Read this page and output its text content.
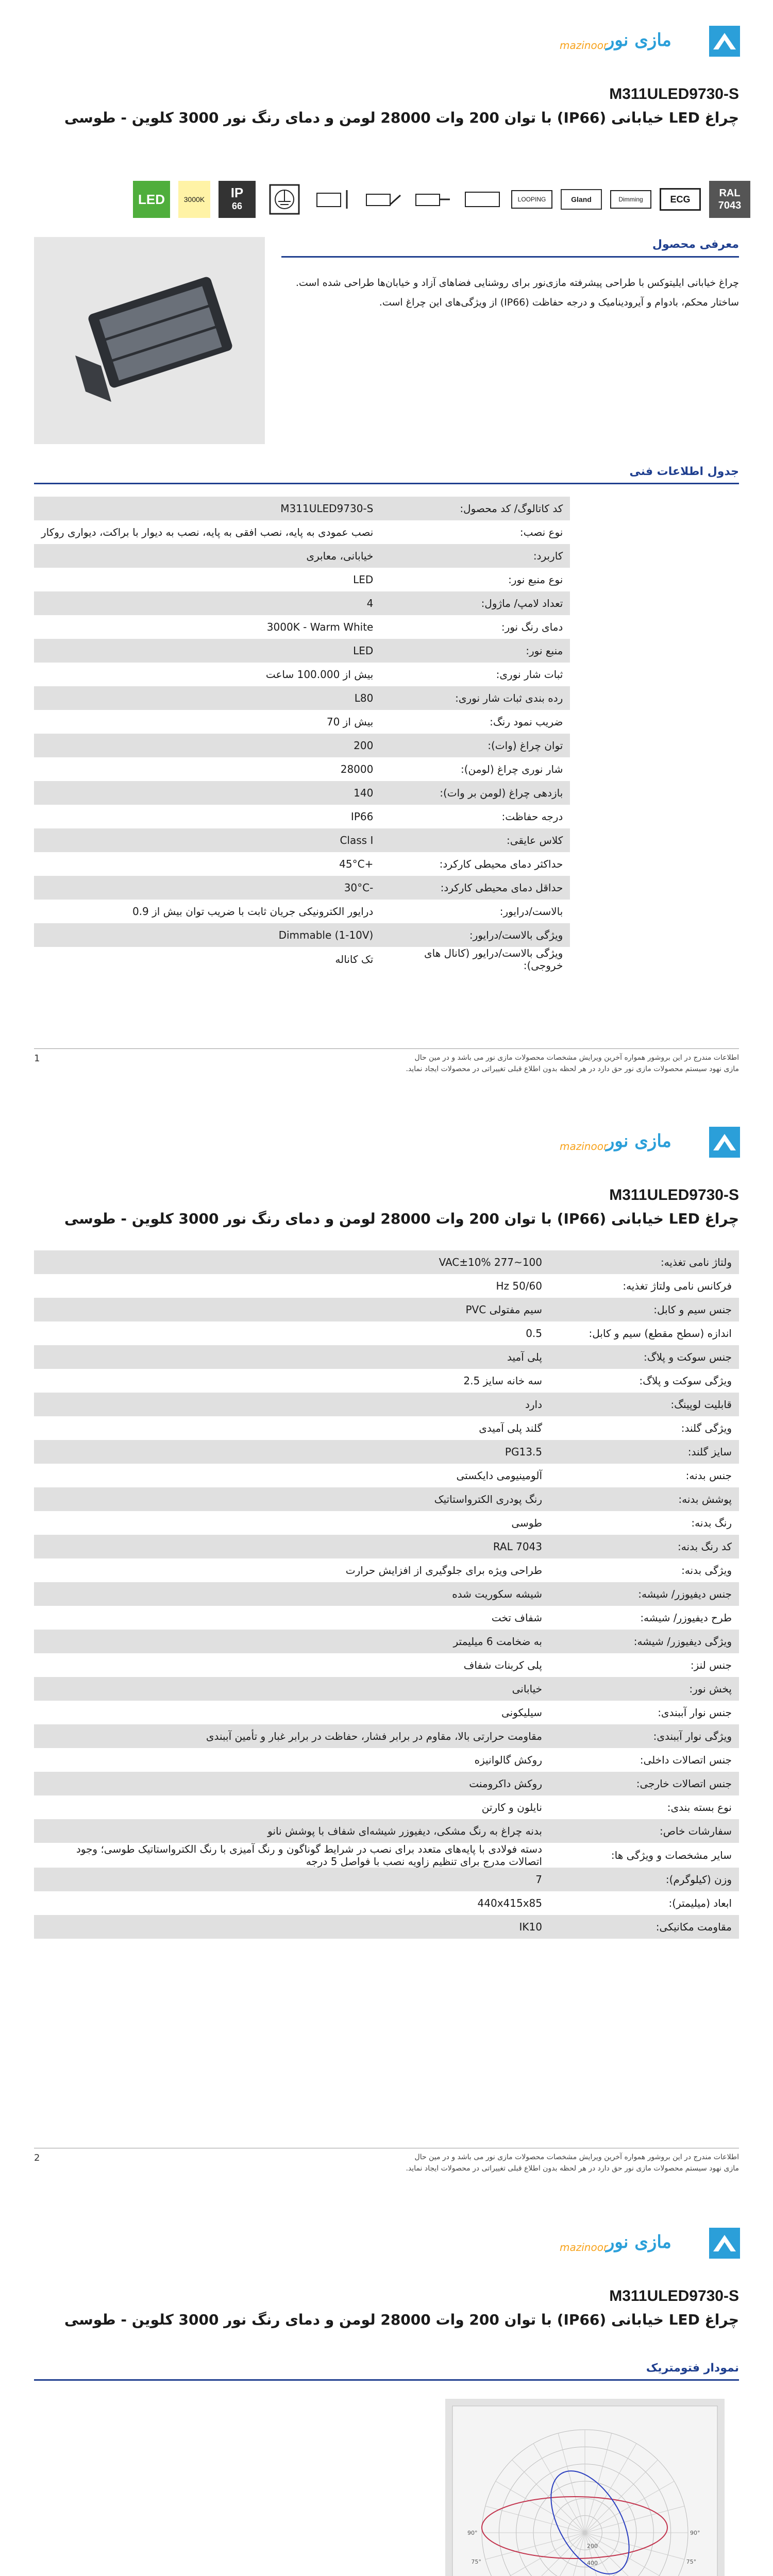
mazinoor
مازی نور
M311ULED9730-S
چراغ LED خیابانی (IP66) با توان 200 وات 28000 لومن و دمای رنگ نور 3000 کلوین - طوسی
RAL
7043
ECG
Dimming
Gland
LOOPING
IP
66
3000K
LED
معرفی محصول
چراغ خیابانی ایلیتوکس با طراحی پیشرفته مازی‌نور برای روشنایی فضاهای آزاد و خیابان‌ها طراحی شده است. ساختار محکم، بادوام و آیرودینامیک و درجه حفاظت (IP66) از ویژگی‌های این چراغ است.
جدول اطلاعات فنی
کد کاتالوگ/ کد محصول:	M311ULED9730-S
نوع نصب:	نصب عمودی به پایه، نصب افقی به پایه، نصب به دیوار با براکت، دیواری روکار
کاربرد:	خیابانی، معابری
نوع منبع نور:	LED
تعداد لامپ/ ماژول:	4
دمای رنگ نور:	3000K - Warm White
منبع نور:	LED
ثبات شار نوری:	بیش از 100.000 ساعت
رده بندی ثبات شار نوری:	L80
ضریب نمود رنگ:	بیش از 70
توان چراغ (وات):	200
شار نوری چراغ (لومن):	28000
بازدهی چراغ (لومن بر وات):	140
درجه حفاظت:	IP66
کلاس عایقی:	Class I
حداکثر دمای محیطی کارکرد:	+45°C
حداقل دمای محیطی کارکرد:	-30°C
بالاست/درایور:	درایور الکترونیکی جریان ثابت با ضریب توان بیش از 0.9
ویژگی بالاست/درایور:	Dimmable (1-10V)
ویژگی بالاست/درایور (کانال های خروجی):	تک کاناله
اطلاعات مندرج در این بروشور همواره آخرین ویرایش مشخصات محصولات مازی نور می باشد و در مین حال
مازی نهود سیستم محصولات مازی نور حق دارد در هر لحظه بدون اطلاع قبلی تغییراتی در محصولات ایجاد نماید.
1
mazinoor
مازی نور
M311ULED9730-S
چراغ LED خیابانی (IP66) با توان 200 وات 28000 لومن و دمای رنگ نور 3000 کلوین - طوسی
ولتاژ نامی تغذیه:	100~277 VAC±10%
فرکانس نامی ولتاژ تغذیه:	50/60 Hz
جنس سیم و کابل:	سیم مفتولی PVC
اندازه (سطح مقطع) سیم و کابل:	0.5
جنس سوکت و پلاگ:	پلی آمید
ویژگی سوکت و پلاگ:	سه خانه سایز 2.5
قابلیت لوپینگ:	دارد
ویژگی گلند:	گلند پلی آمیدی
سایز گلند:	PG13.5
جنس بدنه:	آلومینیومی دایکستی
پوشش بدنه:	رنگ پودری الکترواستاتیک
رنگ بدنه:	طوسی
کد رنگ بدنه:	RAL 7043
ویژگی بدنه:	طراحی ویژه برای جلوگیری از افزایش حرارت
جنس دیفیوزر/ شیشه:	شیشه سکوریت شده
طرح دیفیوزر/ شیشه:	شفاف تخت
ویژگی دیفیوزر/ شیشه:	به ضخامت 6 میلیمتر
جنس لنز:	پلی کربنات شفاف
پخش نور:	خیابانی
جنس نوار آببندی:	سیلیکونی
ویژگی نوار آببندی:	مقاومت حرارتی بالا، مقاوم در برابر فشار، حفاظت در برابر غبار و تأمین آببندی
جنس اتصالات داخلی:	روکش گالوانیزه
جنس اتصالات خارجی:	روکش داکرومنت
نوع بسته بندی:	نایلون و کارتن
سفارشات خاص:	بدنه چراغ به رنگ مشکی، دیفیوزر شیشه‌ای شفاف با پوشش نانو
سایر مشخصات و ویژگی ها:	دسته فولادی با پایه‌های متعدد برای نصب در شرایط گوناگون و رنگ آمیزی با رنگ الکترواستاتیک طوسی؛ وجود اتصالات مدرج برای تنظیم زاویه نصب با فواصل 5 درجه
وزن (کیلوگرم):	7
ابعاد (میلیمتر):	440x415x85
مقاومت مکانیکی:	IK10
اطلاعات مندرج در این بروشور همواره آخرین ویرایش مشخصات محصولات مازی نور می باشد و در مین حال
مازی نهود سیستم محصولات مازی نور حق دارد در هر لحظه بدون اطلاع قبلی تغییراتی در محصولات ایجاد نماید.
2
mazinoor
مازی نور
M311ULED9730-S
چراغ LED خیابانی (IP66) با توان 200 وات 28000 لومن و دمای رنگ نور 3000 کلوین - طوسی
نمودار فتومتریک
200
400
90°	90°
75°	75°
